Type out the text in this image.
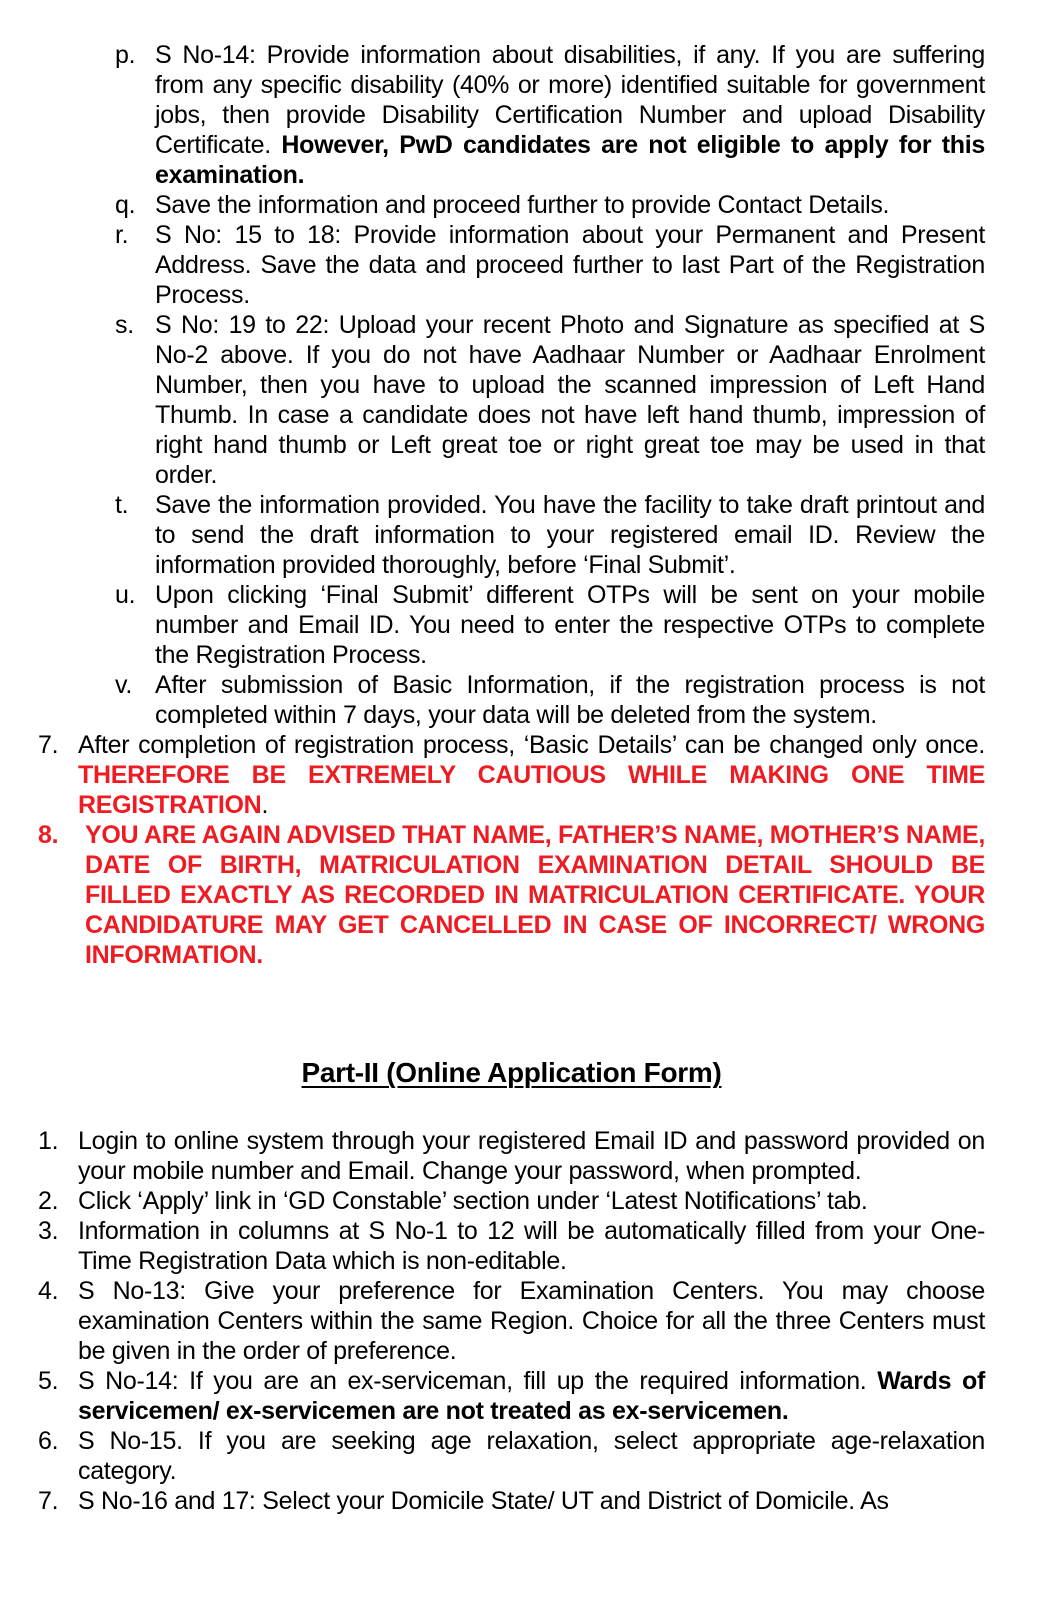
p. S No-14: Provide information about disabilities, if any. If you are suffering from any specific disability (40% or more) identified suitable for government jobs, then provide Disability Certification Number and upload Disability Certificate. However, PwD candidates are not eligible to apply for this examination.
q. Save the information and proceed further to provide Contact Details.
r.	S No: 15 to 18: Provide information about your Permanent and Present Address. Save the data and proceed further to last Part of the Registration Process.
s. S No: 19 to 22: Upload your recent Photo and Signature as specified at S No-2 above. If you do not have Aadhaar Number or Aadhaar Enrolment Number, then you have to upload the scanned impression of Left Hand Thumb. In case a candidate does not have left hand thumb, impression of right hand thumb or Left great toe or right great toe may be used in that order.
t.	Save the information provided. You have the facility to take draft printout and to send the draft information to your registered email ID. Review the information provided thoroughly, before ‘Final Submit’.
u. Upon clicking ‘Final Submit’ different OTPs will be sent on your mobile number and Email ID. You need to enter the respective OTPs to complete the Registration Process.
v. After submission of Basic Information, if the registration process is not completed within 7 days, your data will be deleted from the system.
7. After completion of registration process, ‘Basic Details’ can be changed only once. THEREFORE BE EXTREMELY CAUTIOUS WHILE MAKING ONE TIME REGISTRATION.
8.	YOU ARE AGAIN ADVISED THAT NAME, FATHER’S NAME, MOTHER’S NAME, DATE OF BIRTH, MATRICULATION EXAMINATION DETAIL SHOULD BE FILLED EXACTLY AS RECORDED IN MATRICULATION CERTIFICATE. YOUR CANDIDATURE MAY GET CANCELLED IN CASE OF INCORRECT/ WRONG INFORMATION.
Part-II (Online Application Form)
1. Login to online system through your registered Email ID and password provided on your mobile number and Email. Change your password, when prompted.
2. Click ‘Apply’ link in ‘GD Constable’ section under ‘Latest Notifications’ tab.
3. Information in columns at S No-1 to 12 will be automatically filled from your One-Time Registration Data which is non-editable.
4. S No-13: Give your preference for Examination Centers. You may choose examination Centers within the same Region. Choice for all the three Centers must be given in the order of preference.
5. S No-14: If you are an ex-serviceman, fill up the required information. Wards of servicemen/ ex-servicemen are not treated as ex-servicemen.
6. S No-15. If you are seeking age relaxation, select appropriate age-relaxation category.
7. S No-16 and 17: Select your Domicile State/ UT and District of Domicile. As
